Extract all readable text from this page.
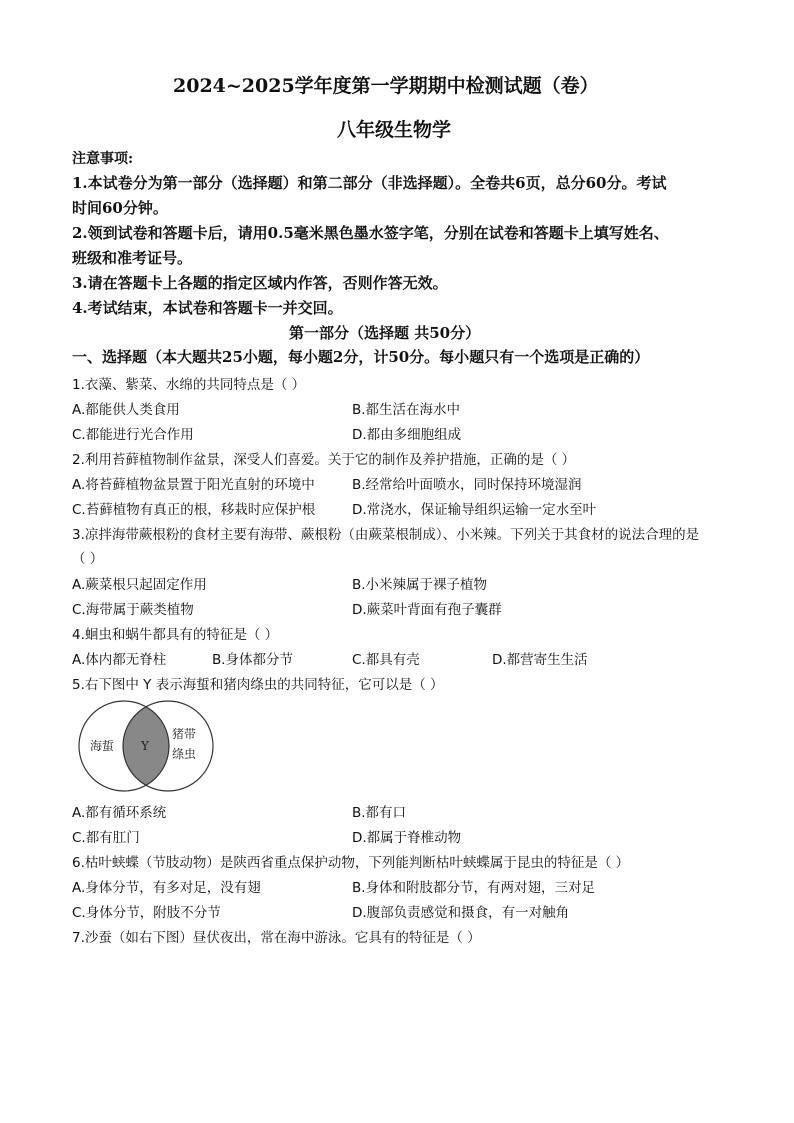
2024~2025学年度第一学期期中检测试题（卷）
八年级生物学
注意事项:
1.本试卷分为第一部分（选择题）和第二部分（非选择题）。全卷共6页，总分60分。考试
时间60分钟。
2.领到试卷和答题卡后，请用0.5毫米黑色墨水签字笔，分别在试卷和答题卡上填写姓名、
班级和准考证号。
3.请在答题卡上各题的指定区域内作答，否则作答无效。
4.考试结束，本试卷和答题卡一并交回。
第一部分（选择题 共50分）
一、选择题（本大题共25小题，每小题2分，计50分。每小题只有一个选项是正确的）
1.衣藻、紫菜、水绵的共同特点是（ ）
A.都能供人类食用	B.都生活在海水中
C.都能进行光合作用	D.都由多细胞组成
2.利用苔藓植物制作盆景，深受人们喜爱。关于它的制作及养护措施，正确的是（ ）
A.将苔藓植物盆景置于阳光直射的环境中	B.经常给叶面喷水，同时保持环境湿润
C.苔藓植物有真正的根，移栽时应保护根	D.常浇水，保证输导组织运输一定水至叶
3.凉拌海带蕨根粉的食材主要有海带、蕨根粉（由蕨菜根制成）、小米辣。下列关于其食材的说法合理的是
（ ）
A.蕨菜根只起固定作用	B.小米辣属于裸子植物
C.海带属于蕨类植物	D.蕨菜叶背面有孢子囊群
4.蛔虫和蜗牛都具有的特征是（ ）
A.体内都无脊柱	B.身体都分节	C.都具有壳	D.都营寄生生活
5.右下图中 Y 表示海蜇和猪肉绦虫的共同特征，它可以是（ ）
海蜇 Y
猪带
绦虫
A.都有循环系统	B.都有口
C.都有肛门	D.都属于脊椎动物
6.枯叶蛱蝶（节肢动物）是陕西省重点保护动物，下列能判断枯叶蛱蝶属于昆虫的特征是（ ）
A.身体分节，有多对足，没有翅	B.身体和附肢都分节，有两对翅，三对足
C.身体分节，附肢不分节	D.腹部负责感觉和摄食，有一对触角
7.沙蚕（如右下图）昼伏夜出，常在海中游泳。它具有的特征是（ ）
